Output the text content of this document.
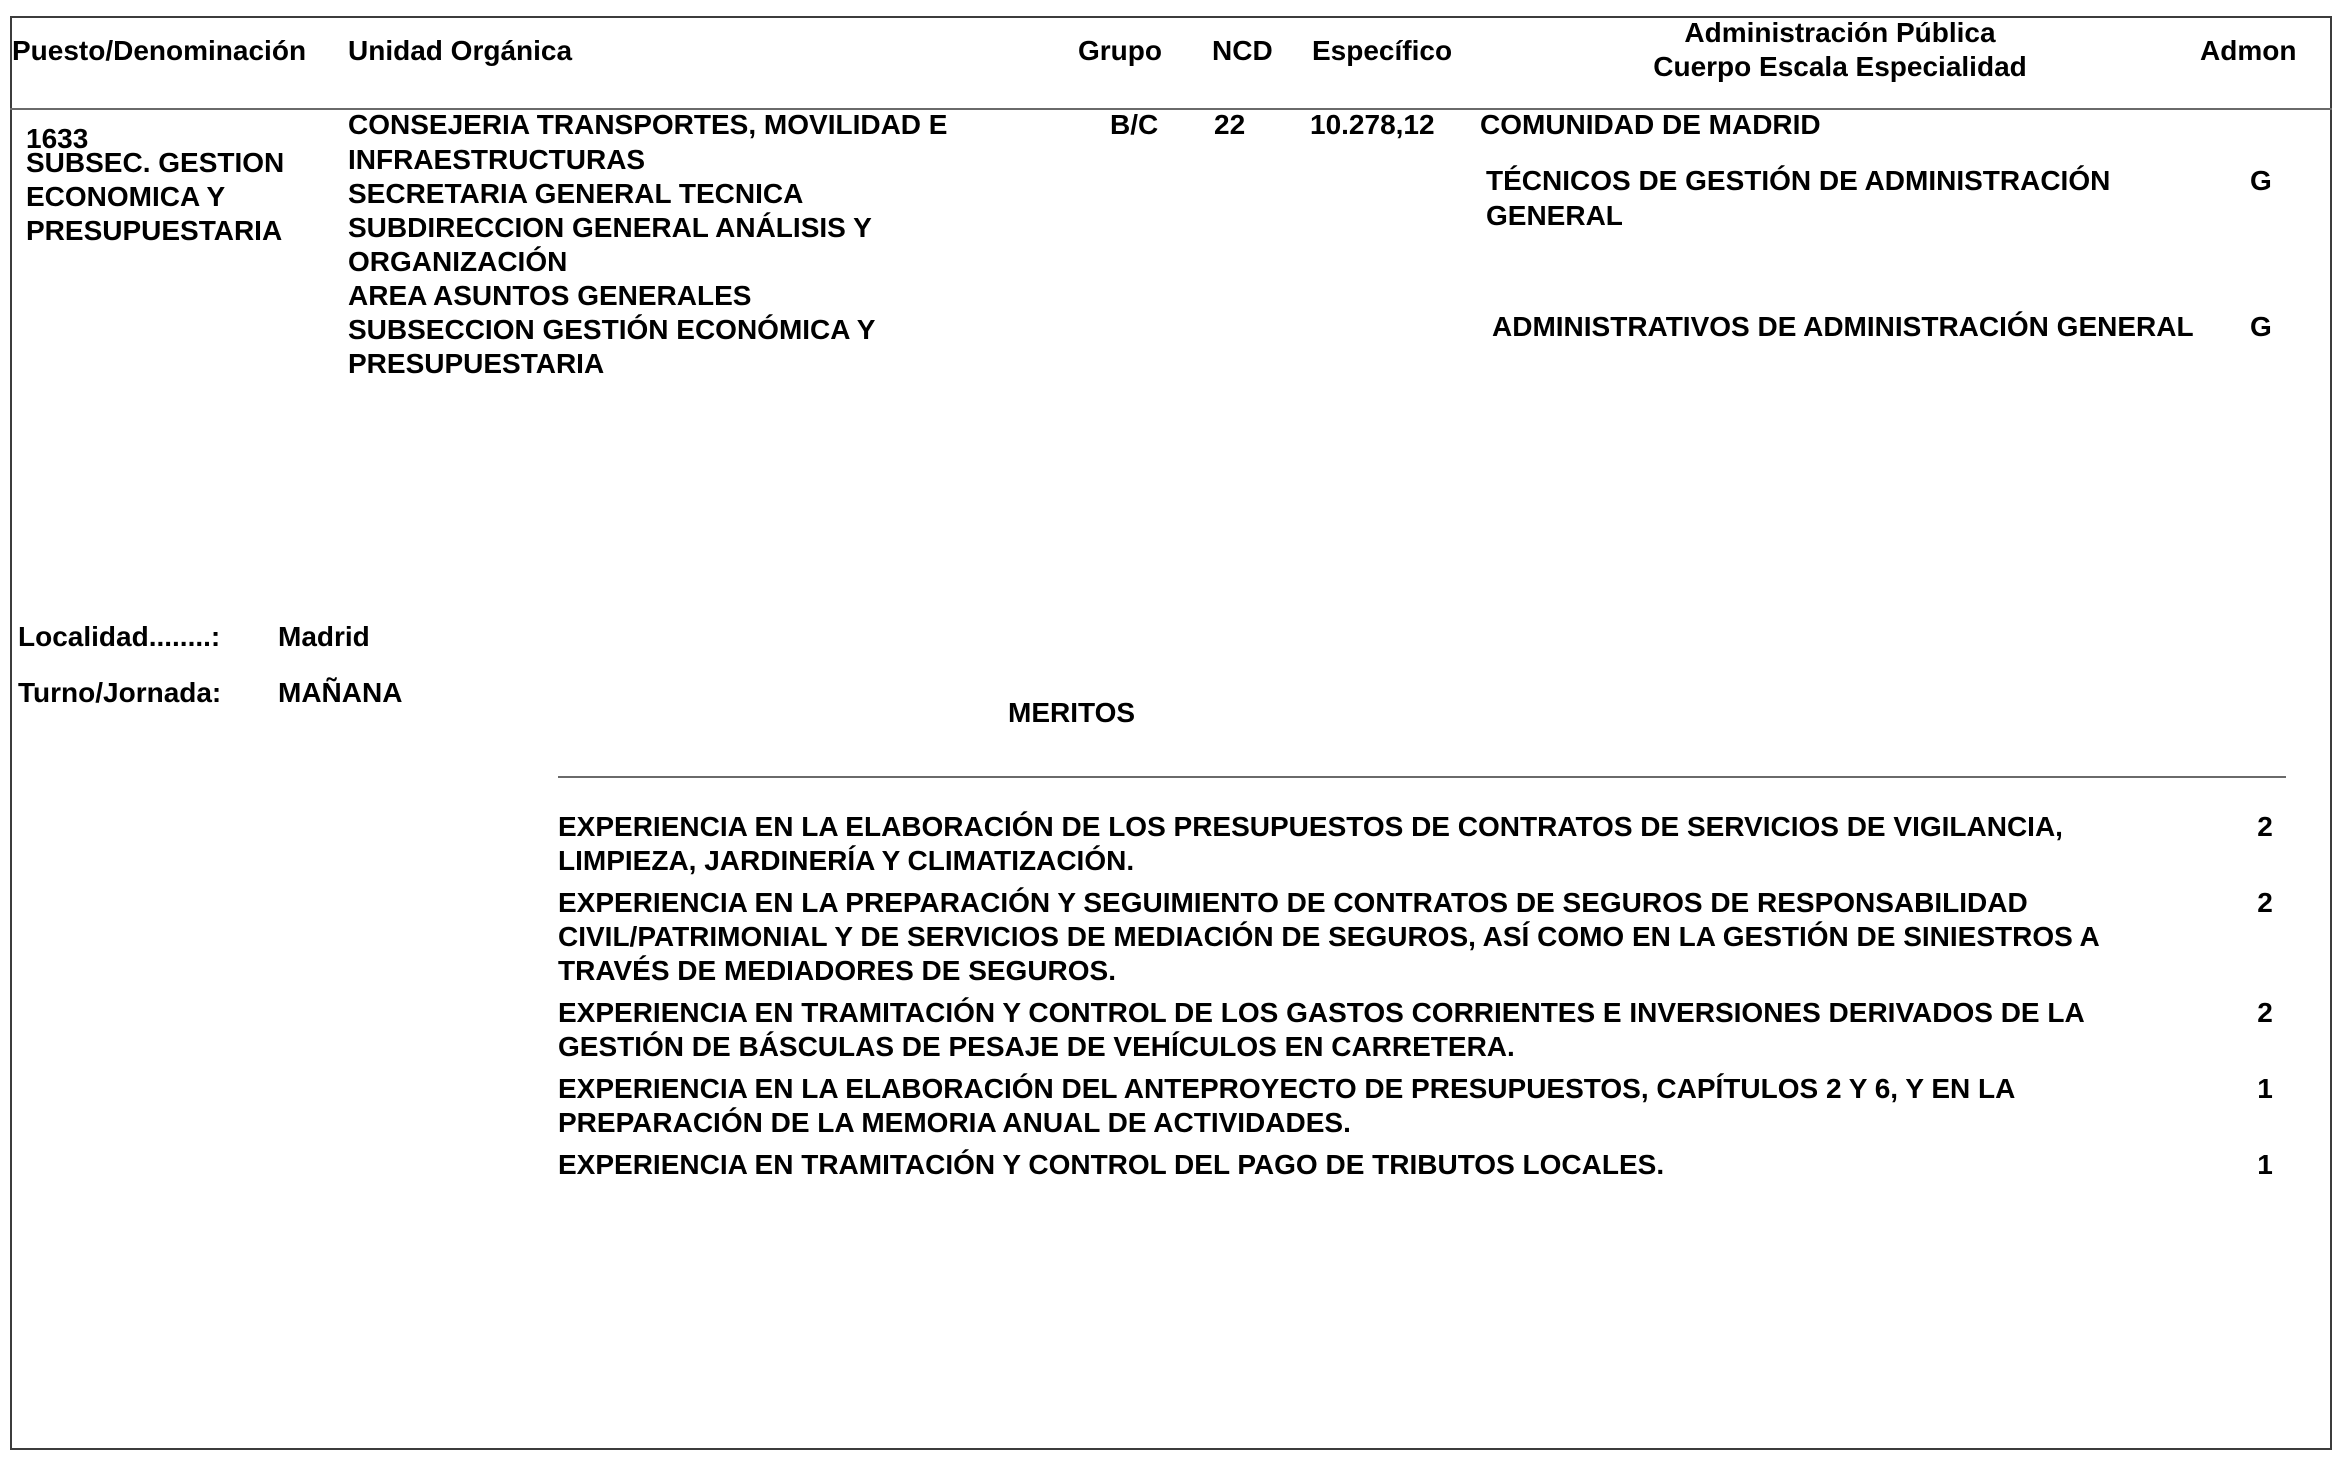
Puesto/Denominación Unidad Orgánica	Grupo NCD Específico
Administración Pública
Cuerpo Escala Especialidad
Admon
1633
SUBSEC. GESTION
ECONOMICA Y
PRESUPUESTARIA
CONSEJERIA TRANSPORTES, MOVILIDAD E
INFRAESTRUCTURAS
SECRETARIA GENERAL TECNICA
SUBDIRECCION GENERAL ANÁLISIS Y
ORGANIZACIÓN
AREA ASUNTOS GENERALES
SUBSECCION GESTIÓN ECONÓMICA Y
PRESUPUESTARIA
B/C 22 10.278,12 COMUNIDAD DE MADRID
TÉCNICOS DE GESTIÓN DE ADMINISTRACIÓN
GENERAL
G
ADMINISTRATIVOS DE ADMINISTRACIÓN GENERAL G
Localidad........: Madrid
Turno/Jornada: MAÑANA
MERITOS
EXPERIENCIA EN LA ELABORACIÓN DE LOS PRESUPUESTOS DE CONTRATOS DE SERVICIOS DE VIGILANCIA, LIMPIEZA, JARDINERÍA Y CLIMATIZACIÓN.
2
EXPERIENCIA EN LA PREPARACIÓN Y SEGUIMIENTO DE CONTRATOS DE SEGUROS DE RESPONSABILIDAD CIVIL/PATRIMONIAL Y DE SERVICIOS DE MEDIACIÓN DE SEGUROS, ASÍ COMO EN LA GESTIÓN DE SINIESTROS A TRAVÉS DE MEDIADORES DE SEGUROS.
2
EXPERIENCIA EN TRAMITACIÓN Y CONTROL DE LOS GASTOS CORRIENTES E INVERSIONES DERIVADOS DE LA GESTIÓN DE BÁSCULAS DE PESAJE DE VEHÍCULOS EN CARRETERA.
2
EXPERIENCIA EN LA ELABORACIÓN DEL ANTEPROYECTO DE PRESUPUESTOS, CAPÍTULOS 2 Y 6, Y EN LA PREPARACIÓN DE LA MEMORIA ANUAL DE ACTIVIDADES.
1
EXPERIENCIA EN TRAMITACIÓN Y CONTROL DEL PAGO DE TRIBUTOS LOCALES.	1
